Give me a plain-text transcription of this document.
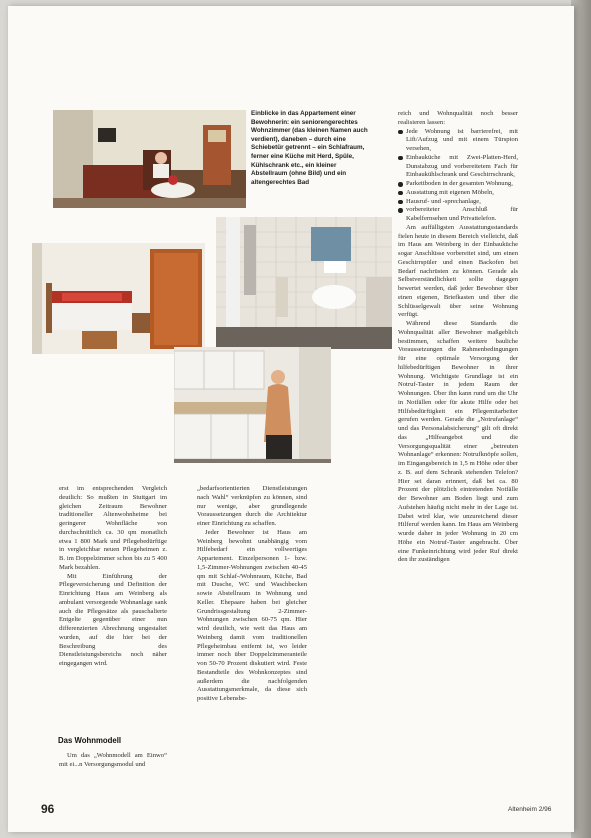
Einblicke in das Appartement einer Bewohnerin: ein seniorengerechtes Wohnzimmer (das kleinen Namen auch verdient), daneben – durch eine Schiebetür getrennt – ein Schlafraum, ferner eine Küche mit Herd, Spüle, Kühlschrank etc., ein kleiner Abstellraum (ohne Bild) und ein altengerechtes Bad

erst im entsprechenden Vergleich deutlich: So mußten in Stuttgart im gleichen Zeitraum Bewohner traditioneller Altenwohnheime bei geringerer Wohnfläche von durchschnittlich ca. 30 qm monatlich etwa 1 800 Mark und Pflegebedürftige in vergleichbar neuen Pflegeheimen z. B. im Doppelzimmer schon bis zu 5 400 Mark bezahlen.

Mit Einführung der Pflegeversicherung und Definition der Einrichtung Haus am Weinberg als ambulant versorgende Wohnanlage sank auch die Pflegesätze als pauschalierte Entgelte gegenüber einer nun differenzierten Abrechnung ungestaltet wurden, auf die hier bei der Beschreibung des Dienstleistungsbereichs noch näher eingegangen wird.

Das Wohnmodell

Um das „Wohnmodell am Einwo“ mit ei...n Versorgungsmodul und

„bedarfsorientierten Dienstleistungen nach Wahl“ verknüpfen zu können, sind nur wenige, aber grundlegende Voraussetzungen durch die Architektur einer Einrichtung zu schaffen.

Jeder Bewohner ist Haus am Weinberg bewohnt unabhängig vom Hilfebedarf ein vollwertiges Appartement. Einzelpersonen 1- bzw. 1,5-Zimmer-Wohnungen zwischen 40-45 qm mit Schlaf-/Wohnraum, Küche, Bad mit Dusche, WC und Waschbecken sowie Abstellraum in Wohnung und Keller. Ehepaare haben bei gleicher Grundrissgestaltung 2-Zimmer-Wohnungen zwischen 60-75 qm. Hier wird deutlich, wie weit das Haus am Weinberg damit vom traditionellen Pflegeheimbau entfernt ist, wo leider immer noch über Doppelzimmeranteile von 50-70 Prozent diskutiert wird. Feste Bestandteile des Wohnkonzeptes sind außerdem die nachfolgenden Ausstattungsmerkmale, da diese sich positive Lebensbe-

reich und Wohnqualität noch besser realisieren lassen:

Jede Wohnung ist barrierefrei, mit Lift/Aufzug und mit einem Türspion versehen,
Einbauküche mit Zwei-Platten-Herd, Dunstabzug und vorbereitetem Fach für Einbaukühlschrank und Geschirrschrank,
Parkettboden in der gesamten Wohnung,
Ausstattung mit eigenen Möbeln,
Hausruf- und -sprechanlage,
vorbereiteter Anschluß für Kabelfernsehen und Privattelefon.

Am auffälligsten Ausstattungsstandards fielen heute in diesem Bereich vielleicht, daß im Haus am Weinberg in der Einbauküche sogar Anschlüsse vorbereitet sind, um einen Geschirrspüler und einen Backofen bei Bedarf nachrüsten zu können. Gerade als Selbstverständlichkeit sollte dagegen bewertet werden, daß jeder Bewohner über einen eigenen, Briefkasten und über die Schlüsselgewalt über seine Wohnung verfügt.

Während diese Standards die Wohnqualität aller Bewohner maßgeblich bestimmen, schaffen weitere bauliche Voraussetzungen die Rahmenbedingungen für eine optimale Versorgung der hilfebedürftigen Bewohner in ihrer Wohnung. Wichtigste Grundlage ist ein Notruf-Taster in jedem Raum der Wohnungen. Über ihn kann rund um die Uhr in Notfällen oder für akute Hilfe oder bei Hilfsbedürftigkeit ein Pflegemitarbeiter gerufen werden. Gerade die „Notrufanlage“ und das Personalabsicherung“ gilt oft direkt das „Hilfeangebot und die Versorgungsqualität einer „betreuten Wohnanlage“ erkennen: Notrufknöpfe sollen, im Eingangsbereich in 1,5 m Höhe oder über z. B. auf dem Schrank stehenden Telefon? Hier sei daran erinnert, daß bei ca. 80 Prozent der plötzlich eintretenden Notfälle der Bewohner am Boden liegt und zum Aufstehen häufig nicht mehr in der Lage ist. Dabei wird klar, wie unzureichend dieser Hilferuf werden kann. Im Haus am Weinberg wurde daher in jeder Wohnung in 20 cm Höhe ein Notruf-Taster angebracht. Über eine Funkeinrichtung wird jeder Ruf direkt den ihr zuständigen

96	Altenheim 2/96
